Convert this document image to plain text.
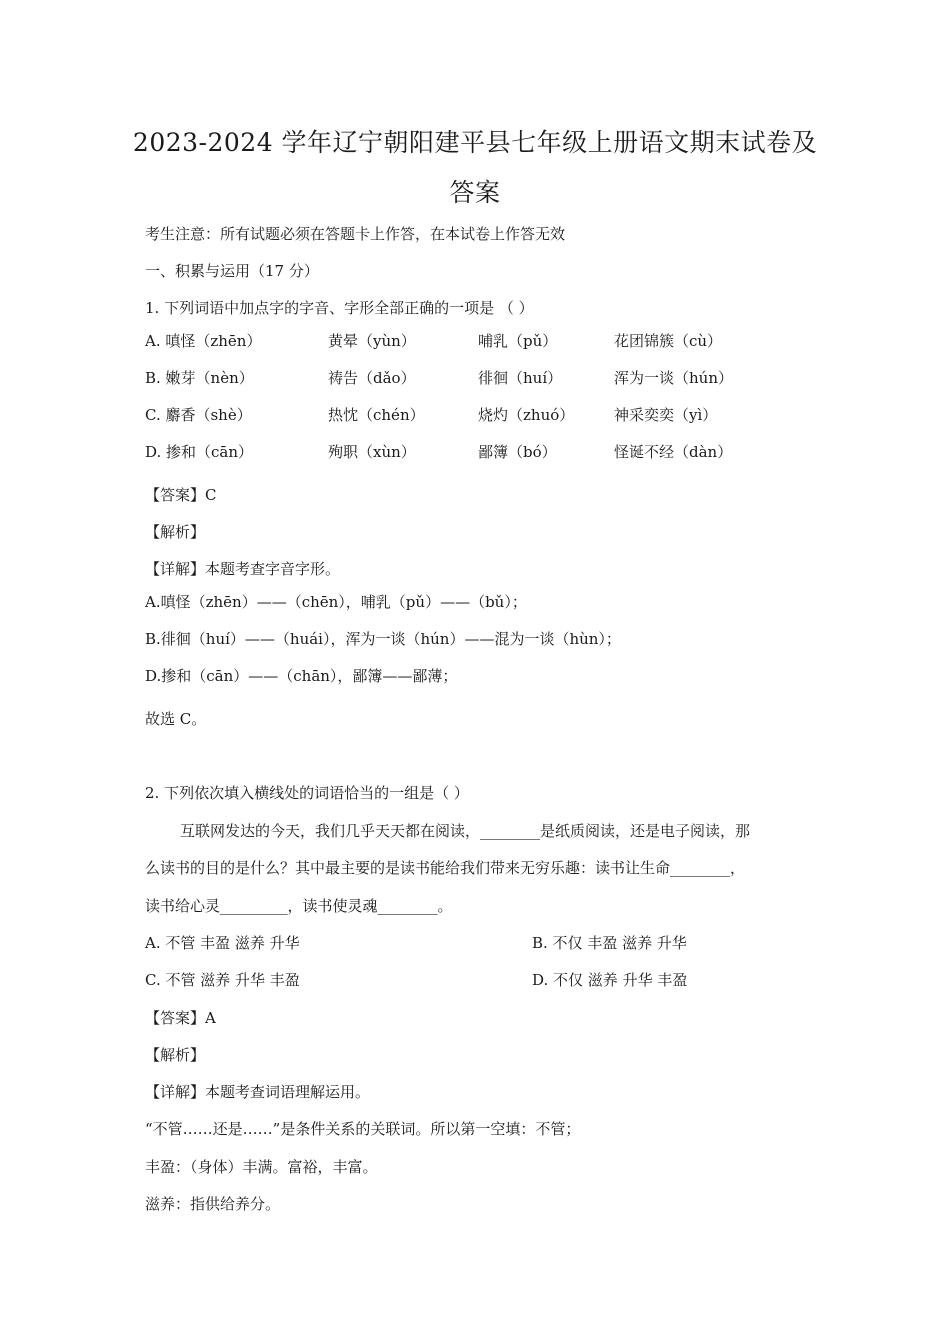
2023-2024 学年辽宁朝阳建平县七年级上册语文期末试卷及
答案
考生注意：所有试题必须在答题卡上作答，在本试卷上作答无效
一、积累与运用（17 分）
1. 下列词语中加点字的字音、字形全部正确的一项是 （ ）
A. 嗔怪（zhēn）	黄晕（yùn）	哺乳（pǔ）	花团锦簇（cù）
B. 嫩芽（nèn）	祷告（dǎo）	徘徊（huí）	浑为一谈（hún）
C. 麝香（shè）	热忱（chén）	烧灼（zhuó）	神采奕奕（yì）
D. 掺和（cān）	殉职（xùn）	鄙簿（bó）	怪诞不经（dàn）
【答案】C
【解析】
【详解】本题考查字音字形。
A.嗔怪（zhēn）——（chēn），哺乳（pǔ）——（bǔ）；
B.徘徊（huí）——（huái），浑为一谈（hún）——混为一谈（hùn）；
D.掺和（cān）——（chān），鄙簿——鄙薄；
故选 C。
2. 下列依次填入横线处的词语恰当的一组是（ ）
互联网发达的今天，我们几乎天天都在阅读，________是纸质阅读，还是电子阅读，那
么读书的目的是什么？其中最主要的是读书能给我们带来无穷乐趣：读书让生命________，
读书给心灵_________，读书使灵魂________。
A. 不管 丰盈 滋养 升华	B. 不仅 丰盈 滋养 升华
C. 不管 滋养 升华 丰盈	D. 不仅 滋养 升华 丰盈
【答案】A
【解析】
【详解】本题考查词语理解运用。
“不管……还是……”是条件关系的关联词。所以第一空填：不管；
丰盈：（身体）丰满。富裕，丰富。
滋养：指供给养分。
